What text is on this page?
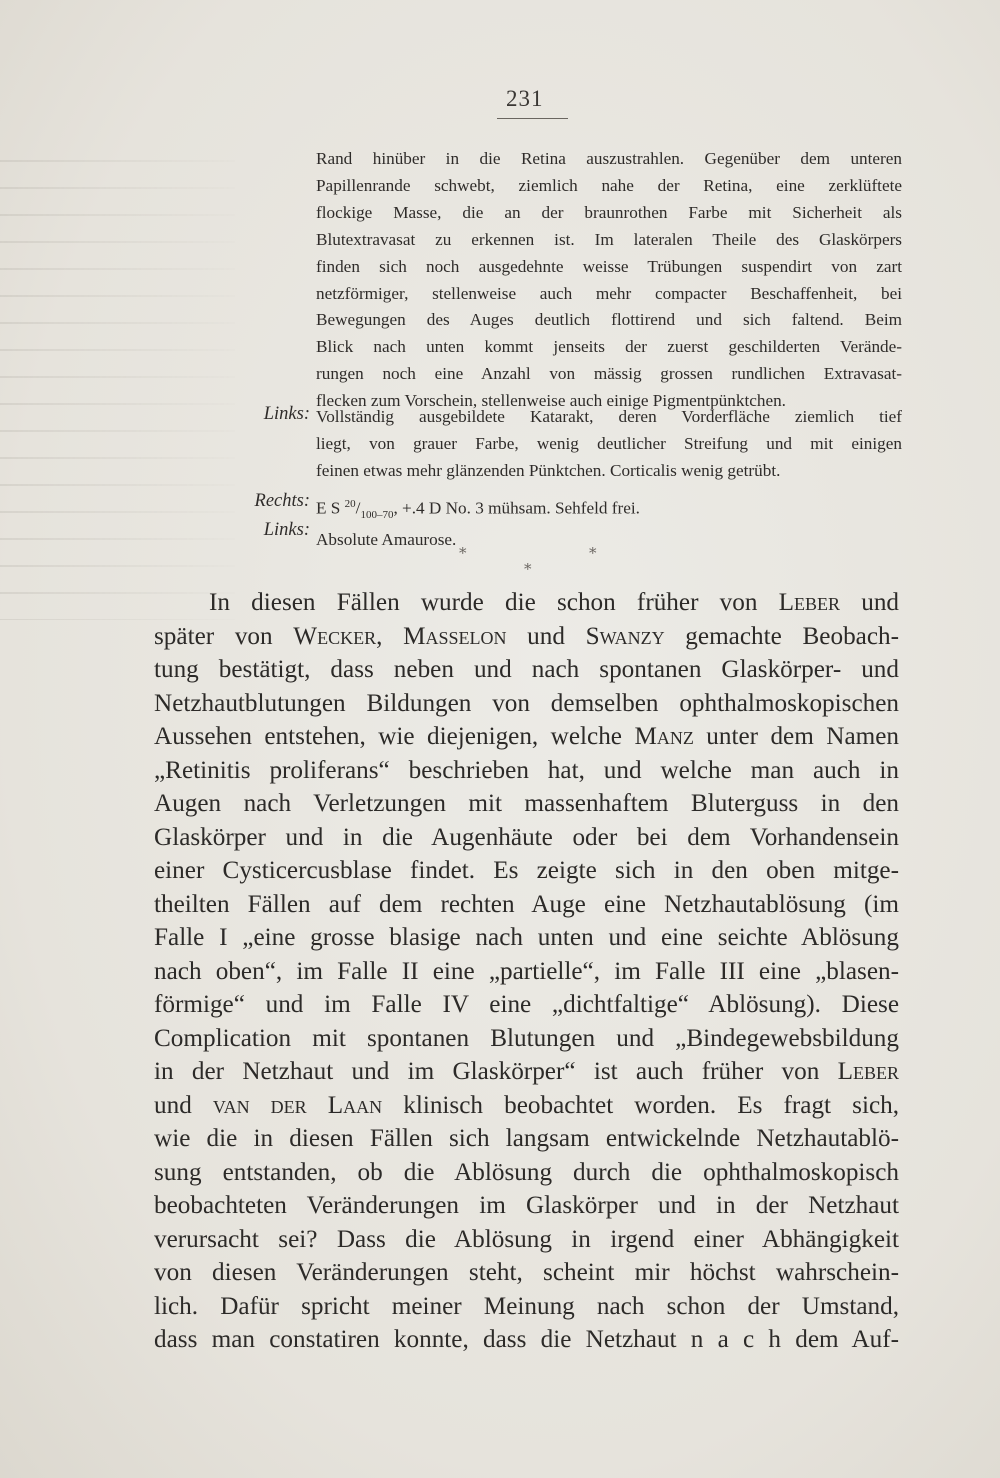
231

Rand hinüber in die Retina auszustrahlen. Gegenüber dem unteren

Papillenrande schwebt, ziemlich nahe der Retina, eine zerklüftete

flockige Masse, die an der braunrothen Farbe mit Sicherheit als

Blutextravasat zu erkennen ist. Im lateralen Theile des Glaskörpers

finden sich noch ausgedehnte weisse Trübungen suspendirt von zart

netzförmiger, stellenweise auch mehr compacter Beschaffenheit, bei

Bewegungen des Auges deutlich flottirend und sich faltend. Beim

Blick nach unten kommt jenseits der zuerst geschilderten Verände-

rungen noch eine Anzahl von mässig grossen rundlichen Extravasat-

flecken zum Vorschein, stellenweise auch einige Pigmentpünktchen.

Links:
Rechts:
Links:

Vollständig ausgebildete Katarakt, deren Vorderfläche ziemlich tief

liegt, von grauer Farbe, wenig deutlicher Streifung und mit einigen

feinen etwas mehr glänzenden Pünktchen. Corticalis wenig getrübt.

E S $^{20}/_{100-70}$, +.4 D No. 3 mühsam. Sehfeld frei.

Absolute Amaurose.

*	*
*

In diesen Fällen wurde die schon früher von Leber und

später von Wecker, Masselon und Swanzy gemachte Beobach-

tung bestätigt, dass neben und nach spontanen Glaskörper- und

Netzhautblutungen Bildungen von demselben ophthalmoskopischen

Aussehen entstehen, wie diejenigen, welche Manz unter dem Namen

„Retinitis proliferans“ beschrieben hat, und welche man auch in

Augen nach Verletzungen mit massenhaftem Bluterguss in den

Glaskörper und in die Augenhäute oder bei dem Vorhandensein

einer Cysticercusblase findet. Es zeigte sich in den oben mitge-

theilten Fällen auf dem rechten Auge eine Netzhautablösung (im

Falle I „eine grosse blasige nach unten und eine seichte Ablösung

nach oben“, im Falle II eine „partielle“, im Falle III eine „blasen-

förmige“ und im Falle IV eine „dichtfaltige“ Ablösung). Diese

Complication mit spontanen Blutungen und „Bindegewebsbildung

in der Netzhaut und im Glaskörper“ ist auch früher von Leber

und van der Laan klinisch beobachtet worden. Es fragt sich,

wie die in diesen Fällen sich langsam entwickelnde Netzhautablö-

sung entstanden, ob die Ablösung durch die ophthalmoskopisch

beobachteten Veränderungen im Glaskörper und in der Netzhaut

verursacht sei? Dass die Ablösung in irgend einer Abhängigkeit

von diesen Veränderungen steht, scheint mir höchst wahrschein-

lich. Dafür spricht meiner Meinung nach schon der Umstand,

dass man constatiren konnte, dass die Netzhaut n a c h dem Auf-
